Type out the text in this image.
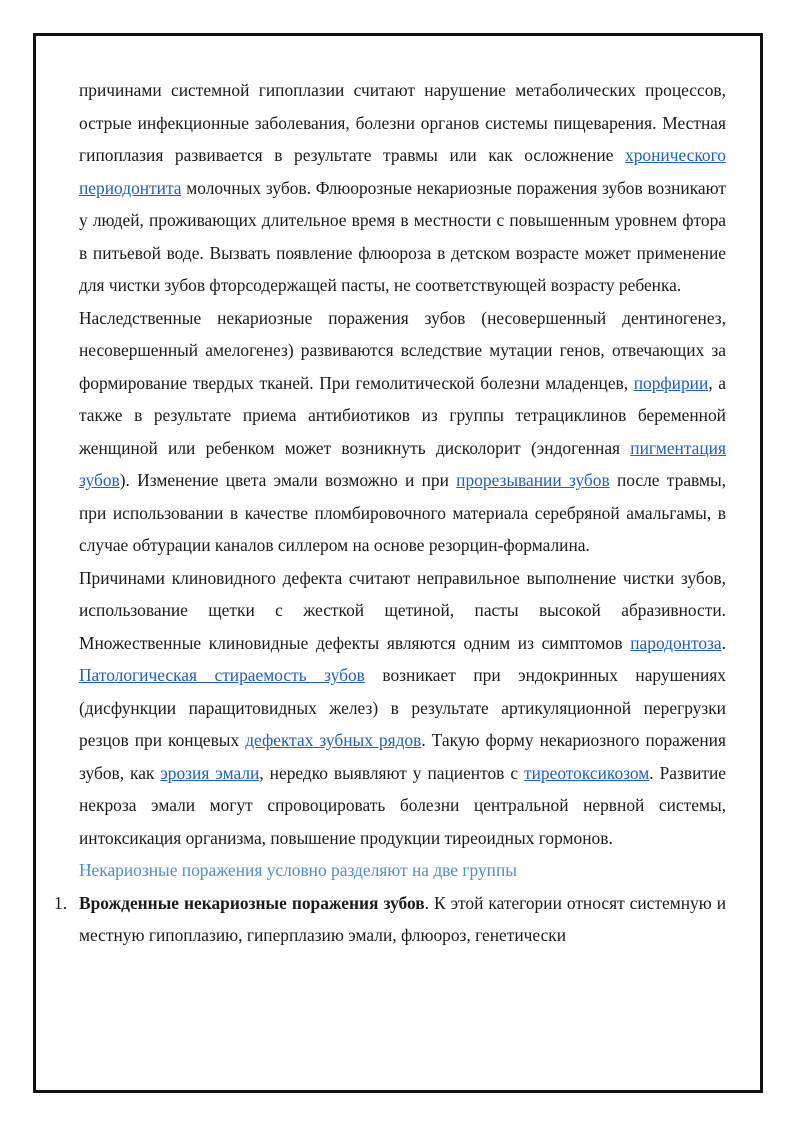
причинами системной гипоплазии считают нарушение метаболических процессов, острые инфекционные заболевания, болезни органов системы пищеварения. Местная гипоплазия развивается в результате травмы или как осложнение хронического периодонтита молочных зубов. Флюорозные некариозные поражения зубов возникают у людей, проживающих длительное время в местности с повышенным уровнем фтора в питьевой воде. Вызвать появление флюороза в детском возрасте может применение для чистки зубов фторсодержащей пасты, не соответствующей возрасту ребенка.

Наследственные некариозные поражения зубов (несовершенный дентиногенез, несовершенный амелогенез) развиваются вследствие мутации генов, отвечающих за формирование твердых тканей. При гемолитической болезни младенцев, порфирии, а также в результате приема антибиотиков из группы тетрациклинов беременной женщиной или ребенком может возникнуть дисколорит (эндогенная пигментация зубов). Изменение цвета эмали возможно и при прорезывании зубов после травмы, при использовании в качестве пломбировочного материала серебряной амальгамы, в случае обтурации каналов силлером на основе резорцин-формалина.

Причинами клиновидного дефекта считают неправильное выполнение чистки зубов, использование щетки с жесткой щетиной, пасты высокой абразивности. Множественные клиновидные дефекты являются одним из симптомов пародонтоза. Патологическая стираемость зубов возникает при эндокринных нарушениях (дисфункции паращитовидных желез) в результате артикуляционной перегрузки резцов при концевых дефектах зубных рядов. Такую форму некариозного поражения зубов, как эрозия эмали, нередко выявляют у пациентов с тиреотоксикозом. Развитие некроза эмали могут спровоцировать болезни центральной нервной системы, интоксикация организма, повышение продукции тиреоидных гормонов.

Некариозные поражения условно разделяют на две группы

1. Врожденные некариозные поражения зубов. К этой категории относят системную и местную гипоплазию, гиперплазию эмали, флюороз, генетически
